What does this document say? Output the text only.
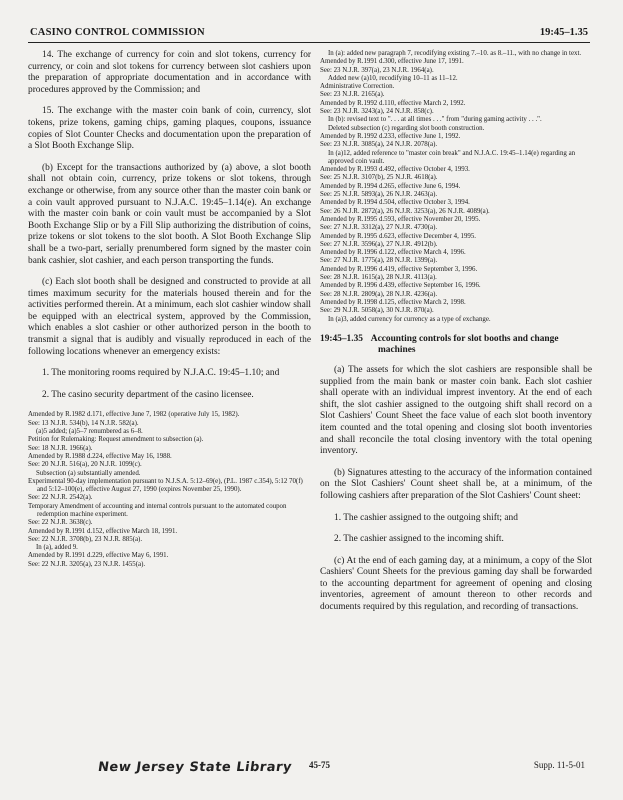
CASINO CONTROL COMMISSION	19:45–1.35

14. The exchange of currency for coin and slot tokens, currency for currency, or coin and slot tokens for currency between slot cashiers upon the preparation of appropriate documentation and in accordance with procedures approved by the Commission; and

15. The exchange with the master coin bank of coin, currency, slot tokens, prize tokens, gaming chips, gaming plaques, coupons, issuance copies of Slot Counter Checks and documentation upon the preparation of a Slot Booth Exchange Slip.

(b) Except for the transactions authorized by (a) above, a slot booth shall not obtain coin, currency, prize tokens or slot tokens, through exchange or otherwise, from any source other than the master coin bank or a coin vault approved pursuant to N.J.A.C. 19:45–1.14(e). An exchange with the master coin bank or coin vault must be accompanied by a Slot Booth Exchange Slip or by a Fill Slip authorizing the distribution of coins, prize tokens or slot tokens to the slot booth. A Slot Booth Exchange Slip shall be a two-part, serially prenumbered form signed by the master coin bank cashier, slot cashier, and each person transporting the funds.

(c) Each slot booth shall be designed and constructed to provide at all times maximum security for the materials housed therein and for the activities performed therein. At a minimum, each slot cashier window shall be equipped with an electrical system, approved by the Commission, which enables a slot cashier or other authorized person in the booth to transmit a signal that is audibly and visually reproduced in each of the following locations whenever an emergency exists:

1. The monitoring rooms required by N.J.A.C. 19:45–1.10; and

2. The casino security department of the casino licensee.

Amended by R.1982 d.171, effective June 7, 1982 (operative July 15, 1982).

See: 13 N.J.R. 534(b), 14 N.J.R. 582(a).

(a)5 added; (a)5–7 renumbered as 6–8.

Petition for Rulemaking: Request amendment to subsection (a).

See: 18 N.J.R. 1966(a).

Amended by R.1988 d.224, effective May 16, 1988.

See: 20 N.J.R. 516(a), 20 N.J.R. 1099(c).

Subsection (a) substantially amended.

Experimental 90-day implementation pursuant to N.J.S.A. 5:12–69(e), (P.L. 1987 c.354), 5:12 70(f) and 5:12–100(e), effective August 27, 1990 (expires November 25, 1990).

See: 22 N.J.R. 2542(a).

Temporary Amendment of accounting and internal controls pursuant to the automated coupon redemption machine experiment.

See: 22 N.J.R. 3638(c).

Amended by R.1991 d.152, effective March 18, 1991.

See: 22 N.J.R. 3708(b), 23 N.J.R. 885(a).

In (a), added 9.

Amended by R.1991 d.229, effective May 6, 1991.

See: 22 N.J.R. 3205(a), 23 N.J.R. 1455(a).

In (a): added new paragraph 7, recodifying existing 7.–10. as 8.–11., with no change in text.

Amended by R.1991 d.300, effective June 17, 1991.

See: 23 N.J.R. 397(a), 23 N.J.R. 1964(a).

Added new (a)10, recodifying 10–11 as 11–12.

Administrative Correction.

See: 23 N.J.R. 2165(a).

Amended by R.1992 d.110, effective March 2, 1992.

See: 23 N.J.R. 3243(a), 24 N.J.R. 858(c).

In (b): revised text to ". . . at all times . . ." from "during gaming activity . . .".

Deleted subsection (c) regarding slot booth construction.

Amended by R.1992 d.233, effective June 1, 1992.

See: 23 N.J.R. 3085(a), 24 N.J.R. 2078(a).

In (a)12, added reference to "master coin break" and N.J.A.C. 19:45–1.14(e) regarding an approved coin vault.

Amended by R.1993 d.492, effective October 4, 1993.

See: 25 N.J.R. 3107(b), 25 N.J.R. 4618(a).

Amended by R.1994 d.265, effective June 6, 1994.

See: 25 N.J.R. 5893(a), 26 N.J.R. 2463(a).

Amended by R.1994 d.504, effective October 3, 1994.

See: 26 N.J.R. 2872(a), 26 N.J.R. 3253(a), 26 N.J.R. 4089(a).

Amended by R.1995 d.593, effective November 20, 1995.

See: 27 N.J.R. 3312(a), 27 N.J.R. 4730(a).

Amended by R.1995 d.623, effective December 4, 1995.

See: 27 N.J.R. 3596(a), 27 N.J.R. 4912(b).

Amended by R.1996 d.122, effective March 4, 1996.

See: 27 N.J.R. 1775(a), 28 N.J.R. 1399(a).

Amended by R.1996 d.419, effective September 3, 1996.

See: 28 N.J.R. 1615(a), 28 N.J.R. 4113(a).

Amended by R.1996 d.439, effective September 16, 1996.

See: 28 N.J.R. 2809(a), 28 N.J.R. 4236(a).

Amended by R.1998 d.125, effective March 2, 1998.

See: 29 N.J.R. 5058(a), 30 N.J.R. 870(a).

In (a)3, added currency for currency as a type of exchange.

19:45–1.35 Accounting controls for slot booths and change
machines

(a) The assets for which the slot cashiers are responsible shall be supplied from the main bank or master coin bank. Each slot cashier shall operate with an individual imprest inventory. At the end of each shift, the slot cashier assigned to the outgoing shift shall record on a Slot Cashiers' Count Sheet the face value of each slot booth inventory item counted and the total opening and closing slot booth inventories and shall reconcile the total closing inventory with the total opening inventory.

(b) Signatures attesting to the accuracy of the information contained on the Slot Cashiers' Count sheet shall be, at a minimum, of the following cashiers after preparation of the Slot Cashiers' Count sheet:

1. The cashier assigned to the outgoing shift; and

2. The cashier assigned to the incoming shift.

(c) At the end of each gaming day, at a minimum, a copy of the Slot Cashiers' Count Sheets for the previous gaming day shall be forwarded to the accounting department for agreement of opening and closing inventories, agreement of amount thereon to other records and documents required by this regulation, and recording of transactions.

New Jersey State Library 45-75	Supp. 11-5-01
